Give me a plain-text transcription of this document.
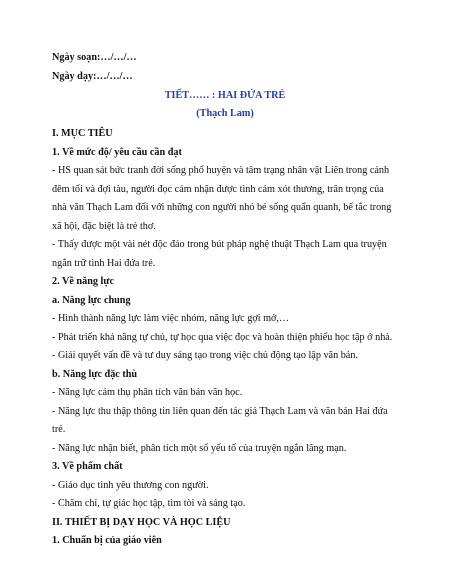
Ngày soạn:…/…/…
Ngày dạy:…/…/…
TIẾT…… : HAI ĐỨA TRẺ
(Thạch Lam)
I. MỤC TIÊU
1. Về mức độ/ yêu cầu cần đạt
- HS quan sát bức tranh đời sống phố huyện và tâm trạng nhân vật Liên trong cảnh
đêm tối và đợi tàu, người đọc cảm nhận được tình cảm xót thương, trân trọng của
nhà văn Thạch Lam đối với những con người nhỏ bé sống quẩn quanh, bế tắc trong
xã hội, đặc biệt là trẻ thơ.
- Thấy được một vài nét độc đáo trong bút pháp nghệ thuật Thạch Lam qua truyện
ngắn trữ tình Hai đứa trẻ.
2. Về năng lực
a. Năng lực chung
- Hình thành năng lực làm việc nhóm, năng lực gợi mở,…
- Phát triển khả năng tự chủ, tự học qua việc đọc và hoàn thiện phiếu học tập ở nhà.
- Giải quyết vấn đề và tư duy sáng tạo trong việc chủ động tạo lập văn bản.
b. Năng lực đặc thù
- Năng lực cảm thụ phân tích văn bản văn học.
- Năng lực thu thập thông tin liên quan đến tác giả Thạch Lam và văn bản Hai đứa
trẻ.
- Năng lực nhận biết, phân tích một số yếu tố của truyện ngắn lãng mạn.
3. Về phẩm chất
- Giáo dục tình yêu thương con người.
- Chăm chỉ, tự giác học tập, tìm tòi và sáng tạo.
II. THIẾT BỊ DẠY HỌC VÀ HỌC LIỆU
1. Chuẩn bị của giáo viên
